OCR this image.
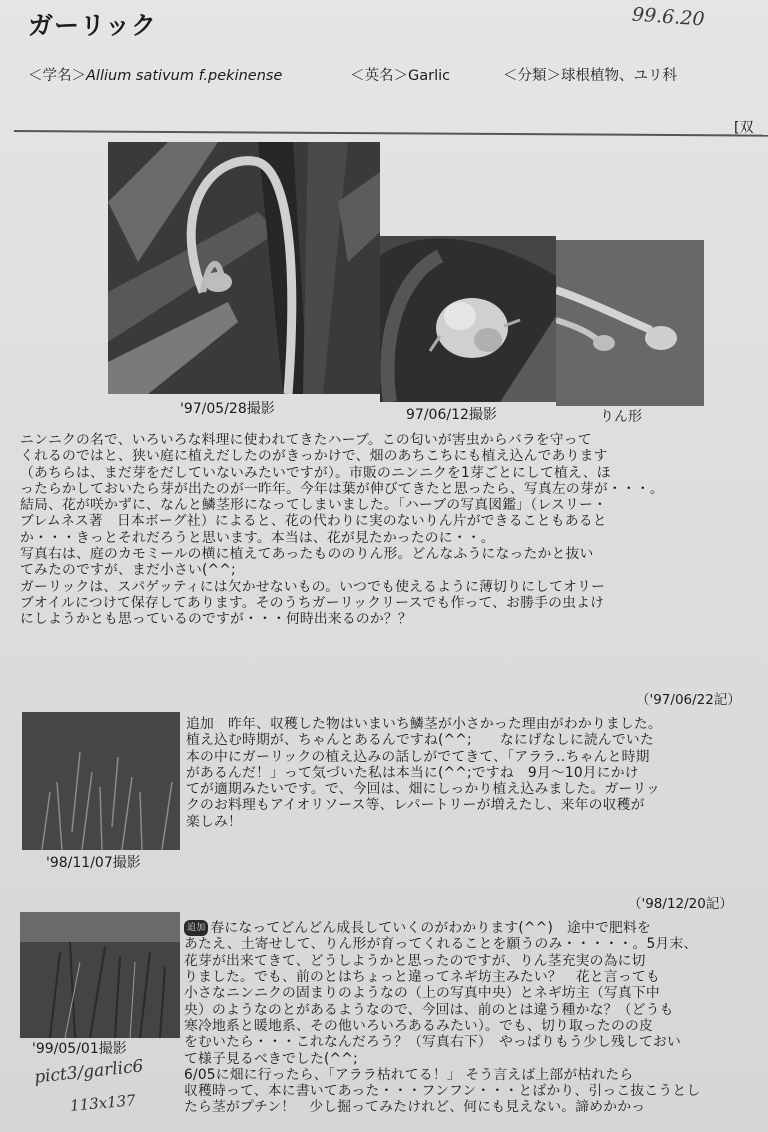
ガーリック	99.6.20
＜学名＞Allium sativum f.pekinense	＜英名＞Garlic	＜分類＞球根植物、ユリ科
[双
'97/05/28撮影	97/06/12撮影	りん形
ニンニクの名で、いろいろな料理に使われてきたハーブ。この匂いが害虫からバラを守って
くれるのではと、狭い庭に植えだしたのがきっかけで、畑のあちこちにも植え込んであります
（あちらは、まだ芽をだしていないみたいですが）。市販のニンニクを1芽ごとにして植え、ほ
ったらかしておいたら芽が出たのが一昨年。今年は葉が伸びてきたと思ったら、写真左の芽が・・・。
結局、花が咲かずに、なんと鱗茎形になってしまいました。「ハーブの写真図鑑」（レスリー・
ブレムネス著　日本ボーグ社）によると、花の代わりに実のないりん片ができることもあると
か・・・きっとそれだろうと思います。本当は、花が見たかったのに・・。
写真右は、庭のカモミールの横に植えてあったもののりん形。どんなふうになったかと抜い
てみたのですが、まだ小さい(^^;
ガーリックは、スパゲッティには欠かせないもの。いつでも使えるように薄切りにしてオリー
ブオイルにつけて保存してあります。そのうちガーリックリースでも作って、お勝手の虫よけ
にしようかとも思っているのですが・・・何時出来るのか？？
（'97/06/22記）
'98/11/07撮影
追加　昨年、収穫した物はいまいち鱗茎が小さかった理由がわかりました。
植え込む時期が、ちゃんとあるんですね(^^;　　なにげなしに読んでいた
本の中にガーリックの植え込みの話しがでてきて、「アララ‥ちゃんと時期
があるんだ！」って気づいた私は本当に(^^;ですね　9月～10月にかけ
てが適期みたいです。で、今回は、畑にしっかり植え込みました。ガーリッ
クのお料理もアイオリソース等、レパートリーが増えたし、来年の収穫が
楽しみ！
（'98/12/20記）
'99/05/01撮影
追加 春になってどんどん成長していくのがわかります(^^)　途中で肥料を
あたえ、土寄せして、りん形が育ってくれることを願うのみ・・・・・。5月末、
花芽が出来てきて、どうしようかと思ったのですが、りん茎充実の為に切
りました。でも、前のとはちょっと違ってネギ坊主みたい？　花と言っても
小さなニンニクの固まりのようなの（上の写真中央）とネギ坊主（写真下中
央）のようなのとがあるようなので、今回は、前のとは違う種かな？（どうも
寒冷地系と暖地系、その他いろいろあるみたい）。でも、切り取ったのの皮
をむいたら・・・これなんだろう？（写真右下）　やっぱりもう少し残しておい
て様子見るべきでした(^^;
6/05に畑に行ったら、「アララ枯れてる！」 そう言えば上部が枯れたら
収穫時って、本に書いてあった・・・フンフン・・・とばかり、引っこ抜こうとし
たら茎がプチン！　少し掘ってみたけれど、何にも見えない。諦めかかっ
pict3/garlic6
113x137
